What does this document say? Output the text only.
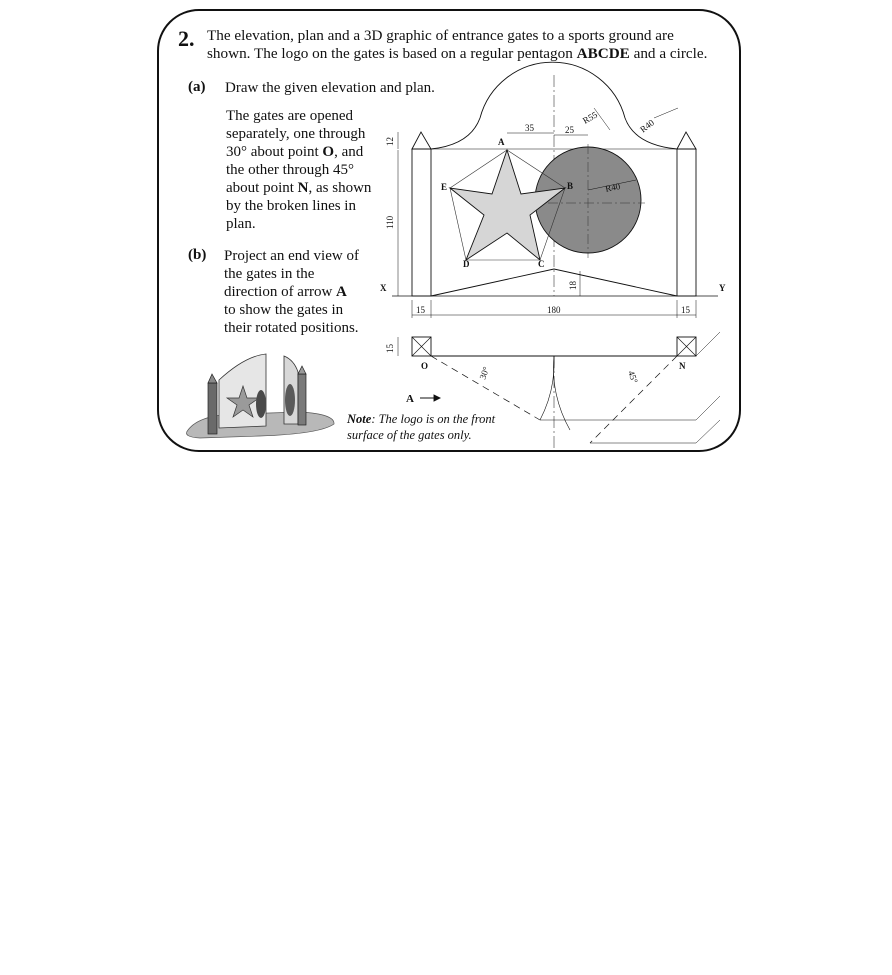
2. The elevation, plan and a 3D graphic of entrance gates to a sports ground are
shown. The logo on the gates is based on a regular pentagon ABCDE and a circle.
(a) Draw the given elevation and plan.
The gates are opened
separately, one through
30° about point O, and
the other through 45°
about point N, as shown
by the broken lines in
plan.
(b) Project an end view of
the gates in the
direction of arrow A
to show the gates in
their rotated positions.
Note: The logo is on the front
surface of the gates only.
A
B
C
D
E
O	N
X	Y
35	25
R55	R40
R40
12
110
18
15	180	15
15
30°	45°
A
